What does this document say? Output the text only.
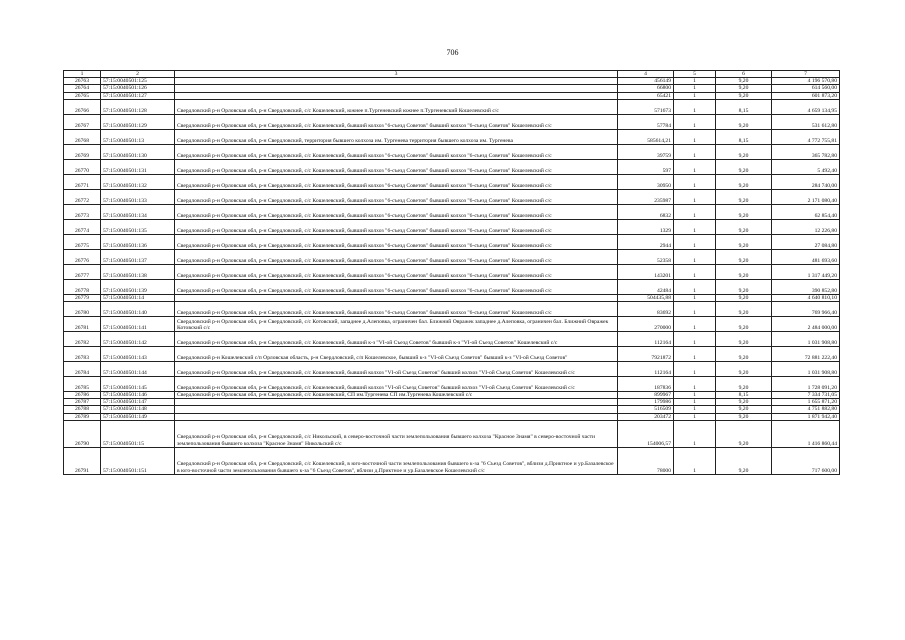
706
1	2	3	4	5	6	7
26763	57:15:0040501:125		456149	1	9,20	4 196 570,80
26764	57:15:0040501:126		66800	1	9,20	614 560,00
26765	57:15:0040501:127		65421	1	9,20	601 873,20
26766	57:15:0040501:128	Свердловский р-н Орловская обл, р-н Свердловский, с/с Кошелевский, южнее п.Тургеневский южнее п.Тургеневский Кошелевский с/с	571673	1	8,15	4 659 134,95
26767	57:15:0040501:129	Свердловский р-н Орловская обл, р-н Свердловский, с/с Кошелевский, бывший колхоз "6-съезд Советов" бывший колхоз "6-съезд Советов" Кошелевский с/с	57784	1	9,20	531 612,80
26768	57:15:0040501:13	Свердловский р-н Орловская обл, р-н Свердловский, территория бывшего колхоза им. Тургенева территория бывшего колхоза им. Тургенева	585614,21	1	8,15	4 772 755,81
26769	57:15:0040501:130	Свердловский р-н Орловская обл, р-н Свердловский, с/с Кошелевский, бывший колхоз "6-съезд Советов" бывший колхоз "6-съезд Советов" Кошелевский с/с	39759	1	9,20	365 782,80
26770	57:15:0040501:131	Свердловский р-н Орловская обл, р-н Свердловский, с/с Кошелевский, бывший колхоз "6-съезд Советов" бывший колхоз "6-съезд Советов" Кошелевский с/с	597	1	9,20	5 492,40
26771	57:15:0040501:132	Свердловский р-н Орловская обл, р-н Свердловский, с/с Кошелевский, бывший колхоз "6-съезд Советов" бывший колхоз "6-съезд Советов" Кошелевский с/с	30950	1	9,20	284 740,00
26772	57:15:0040501:133	Свердловский р-н Орловская обл, р-н Свердловский, с/с Кошелевский, бывший колхоз "6-съезд Советов" бывший колхоз "6-съезд Советов" Кошелевский с/с	235987	1	9,20	2 171 080,40
26773	57:15:0040501:134	Свердловский р-н Орловская обл, р-н Свердловский, с/с Кошелевский, бывший колхоз "6-съезд Советов" бывший колхоз "6-съезд Советов" Кошелевский с/с	6832	1	9,20	62 854,40
26774	57:15:0040501:135	Свердловский р-н Орловская обл, р-н Свердловский, с/с Кошелевский, бывший колхоз "6-съезд Советов" бывший колхоз "6-съезд Советов" Кошелевский с/с	1329	1	9,20	12 226,80
26775	57:15:0040501:136	Свердловский р-н Орловская обл, р-н Свердловский, с/с Кошелевский, бывший колхоз "6-съезд Советов" бывший колхоз "6-съезд Советов" Кошелевский с/с	2944	1	9,20	27 084,80
26776	57:15:0040501:137	Свердловский р-н Орловская обл, р-н Свердловский, с/с Кошелевский, бывший колхоз "6-съезд Советов" бывший колхоз "6-съезд Советов" Кошелевский с/с	52358	1	9,20	481 693,60
26777	57:15:0040501:138	Свердловский р-н Орловская обл, р-н Свердловский, с/с Кошелевский, бывший колхоз "6-съезд Советов" бывший колхоз "6-съезд Советов" Кошелевский с/с	143201	1	9,20	1 317 449,20
26778	57:15:0040501:139	Свердловский р-н Орловская обл, р-н Свердловский, с/с Кошелевский, бывший колхоз "6-съезд Советов" бывший колхоз "6-съезд Советов" Кошелевский с/с	42484	1	9,20	390 852,80
26779	57:15:0040501:14		504435,88	1	9,20	4 640 810,10
26780	57:15:0040501:140	Свердловский р-н Орловская обл, р-н Свердловский, с/с Кошелевский, бывший колхоз "6-съезд Советов" бывший колхоз "6-съезд Советов" Кошелевский с/с	83692	1	9,20	769 966,40
26781	57:15:0040501:141	Свердловский р-н Орловская обл, р-н Свердловский, с/с Котовский, западнее д.Алеповка, ограничен бал. Ближний Овражек западнее д.Алеповка, ограничен бал. Ближний Овражек Котовский с/с	270000	1	9,20	2 484 000,00
26782	57:15:0040501:142	Свердловский р-н Орловская обл, р-н Свердловский, с/с Кошелевский, бывший к-з "VI-ой Съезд Советов" бывший к-з "VI-ой Съезд Советов" Кошелевский с/с	112164	1	9,20	1 031 908,80
26783	57:15:0040501:143	Свердловский р-н Кошелевский с/п Орловская область, р-н Свердловский, с/п Кошелевское, бывший к-з "VI-ой Съезд Советов" бывший к-з "VI-ой Съезд Советов"	7921872	1	9,20	72 881 222,40
26784	57:15:0040501:144	Свердловский р-н Орловская обл, р-н Свердловский, с/с Кошелевский, бывший колхоз "VI-ой Съезд Советов" бывший колхоз "VI-ой Съезд Советов" Кошелевский с/с	112164	1	9,20	1 031 908,80
26785	57:15:0040501:145	Свердловский р-н Орловская обл, р-н Свердловский, с/с Кошелевский, бывший колхоз "VI-ой Съезд Советов" бывший колхоз "VI-ой Съезд Советов" Кошелевский с/с	187836	1	9,20	1 728 091,20
26786	57:15:0040501:146	Свердловский р-н Орловская обл, р-н Свердловский, с/с Кошелевский, СП им.Тургенева СП им.Тургенева Кошелевский с/с	899967	1	8,15	7 334 731,05
26787	57:15:0040501:147		179986	1	9,20	1 655 871,20
26788	57:15:0040501:148		516509	1	9,20	4 751 882,80
26789	57:15:0040501:149		203472	1	9,20	1 871 942,40
26790	57:15:0040501:15	Свердловский р-н Орловская обл, р-н Свердловский, с/с Никольский, в северо-восточной части землепользования бывшего колхоза "Красное Знамя" в северо-восточной части землепользования бывшего колхоза "Красное Знамя" Никольский с/с	154006,57	1	9,20	1 416 860,44
26791	57:15:0040501:151	Свердловский р-н Орловская обл, р-н Свердловский, с/с Кошелевский, в юго-восточной части землепользования бывшего к-за "6 Съезд Советов", вблизи д.Приктное и ур.Базалевское в юго-восточной части землепользования бывшего к-за "6 Съезд Советов", вблизи д.Приктное и ур.Базалевское Кошелевский с/с	78000	1	9,20	717 600,00
